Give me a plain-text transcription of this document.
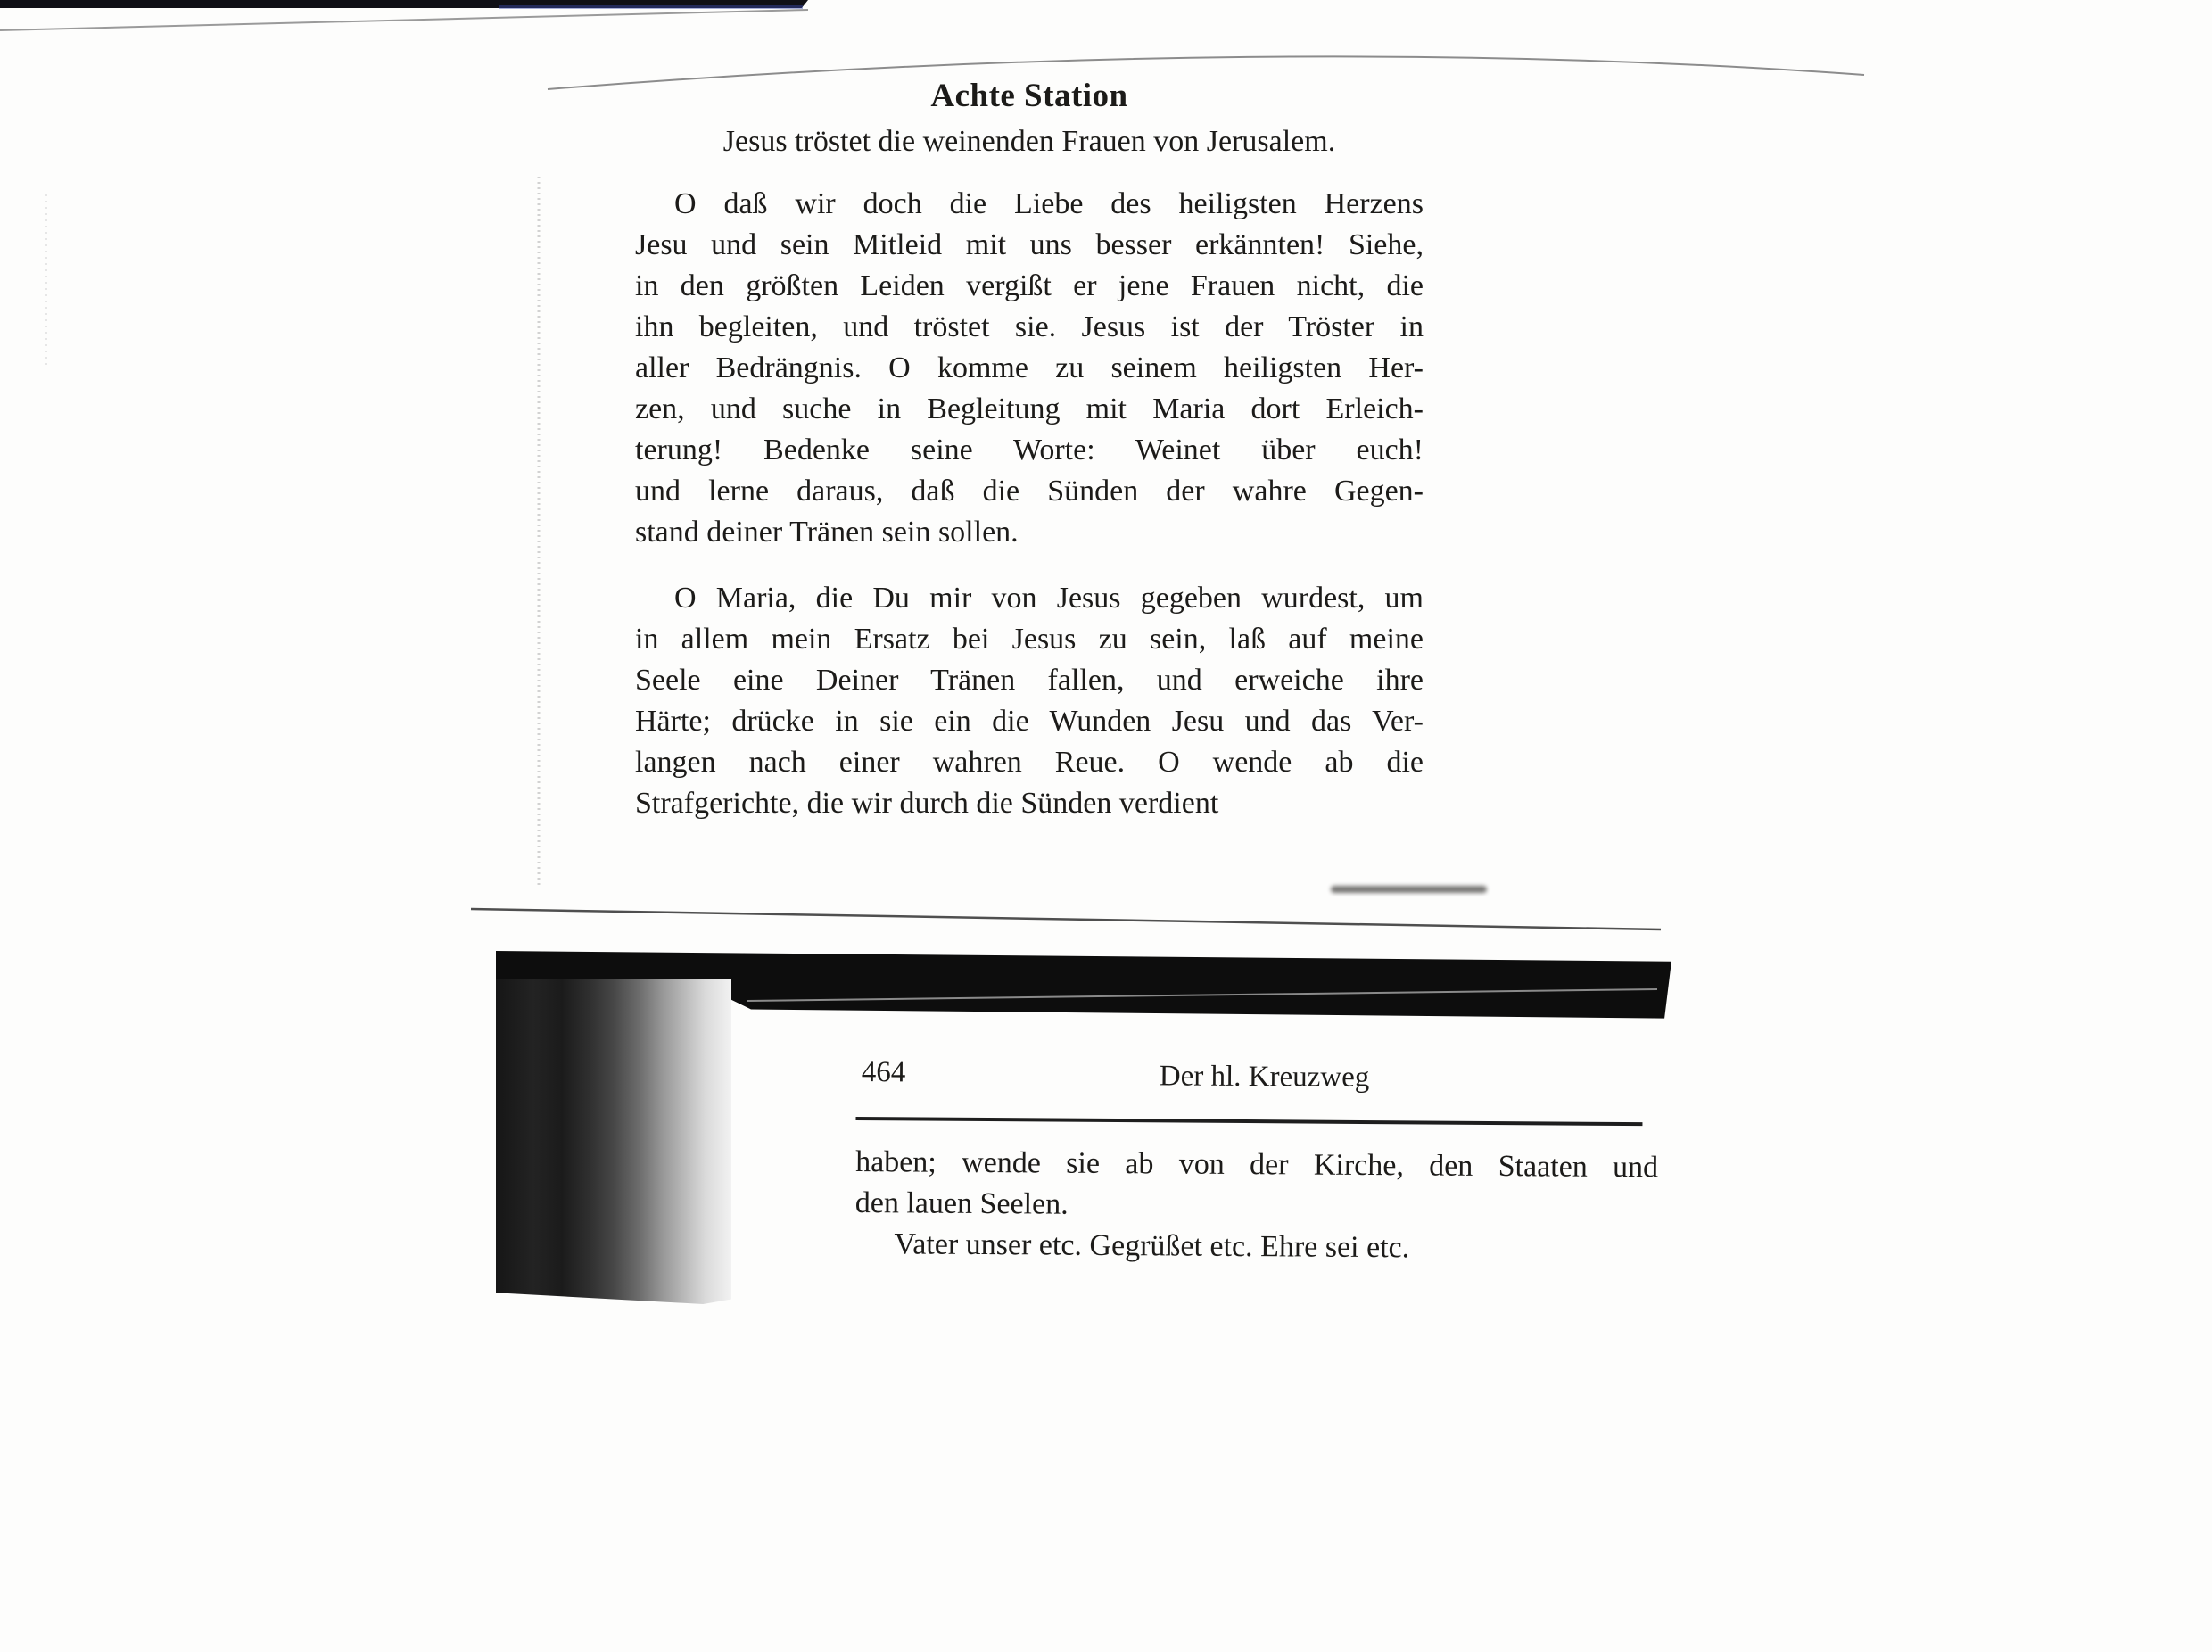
Achte Station
Jesus tröstet die weinenden Frauen von Jerusalem.
O daß wir doch die Liebe des heiligsten Herzens
Jesu und sein Mitleid mit uns besser erkännten! Siehe,
in den größten Leiden vergißt er jene Frauen nicht, die
ihn begleiten, und tröstet sie. Jesus ist der Tröster in
aller Bedrängnis. O komme zu seinem heiligsten Her-
zen, und suche in Begleitung mit Maria dort Erleich-
terung! Bedenke seine Worte: Weinet über euch!
und lerne daraus, daß die Sünden der wahre Gegen-
stand deiner Tränen sein sollen.
O Maria, die Du mir von Jesus gegeben wurdest, um
in allem mein Ersatz bei Jesus zu sein, laß auf meine
Seele eine Deiner Tränen fallen, und erweiche ihre
Härte; drücke in sie ein die Wunden Jesu und das Ver-
langen nach einer wahren Reue. O wende ab die
Strafgerichte, die wir durch die Sünden verdient
464	Der hl. Kreuzweg
haben; wende sie ab von der Kirche, den Staaten und
den lauen Seelen.
Vater unser etc. Gegrüßet etc. Ehre sei etc.
